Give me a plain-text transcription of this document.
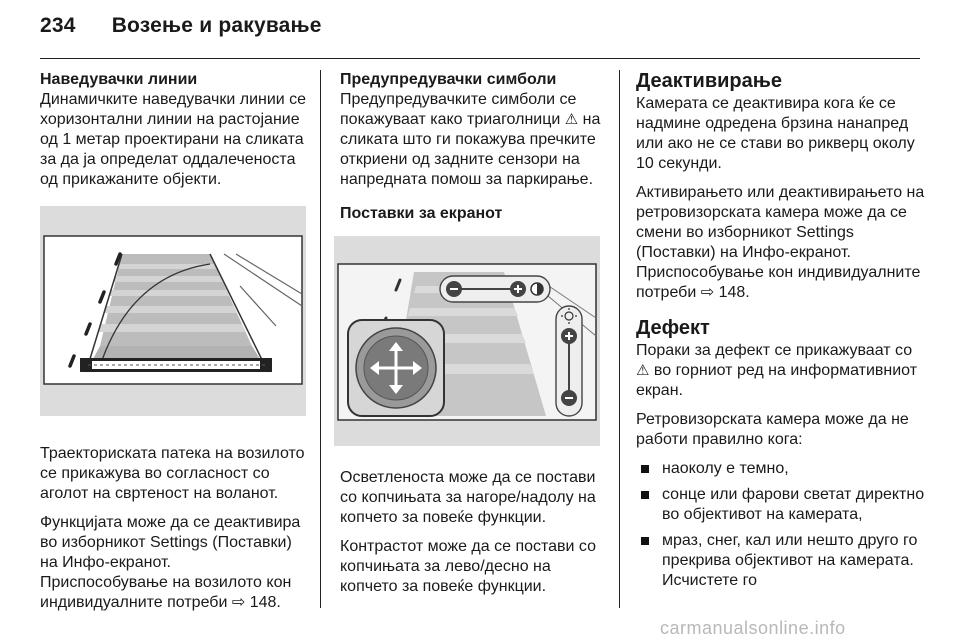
234 Возење и ракување
Наведувачки линии

Динамичките наведувачки линии се хоризонтални линии на растојание од 1 метар проектирани на сликата за да ја определат оддалеченоста од прикажаните објекти.

Траекториската патека на возилото се прикажува во согласност со аголот на свртеност на воланот.

Функцијата може да се деактивира во изборникот Settings (Поставки) на Инфо-екранот.

Приспособување на возилото кон индивидуалните потреби ⇨ 148.

Предупредувачки симболи

Предупредувачките симболи се покажуваат како триаголници ⚠ на сликата што ги покажува пречките откриени од задните сензори на напредната помош за паркирање.

Поставки за екранот

Осветленоста може да се постави со копчињата за нагоре/надолу на копчето за повеќе функции.

Контрастот може да се постави со копчињата за лево/десно на копчето за повеќе функции.

Деактивирање

Камерата се деактивира кога ќе се надмине одредена брзина нанапред или ако не се стави во рикверц околу 10 секунди.

Активирањето или деактивирањето на ретровизорската камера може да се смени во изборникот Settings (Поставки) на Инфо-екранот.

Приспособување кон индивидуалните потреби ⇨ 148.

Дефект

Пораки за дефект се прикажуваат со ⚠ во горниот ред на информативниот екран.

Ретровизорската камера може да не работи правилно кога:

наоколу е темно,
сонце или фарови светат директно во објективот на камерата,
мраз, снег, кал или нешто друго го прекрива објективот на камерата. Исчистете го
carmanualsonline.info
